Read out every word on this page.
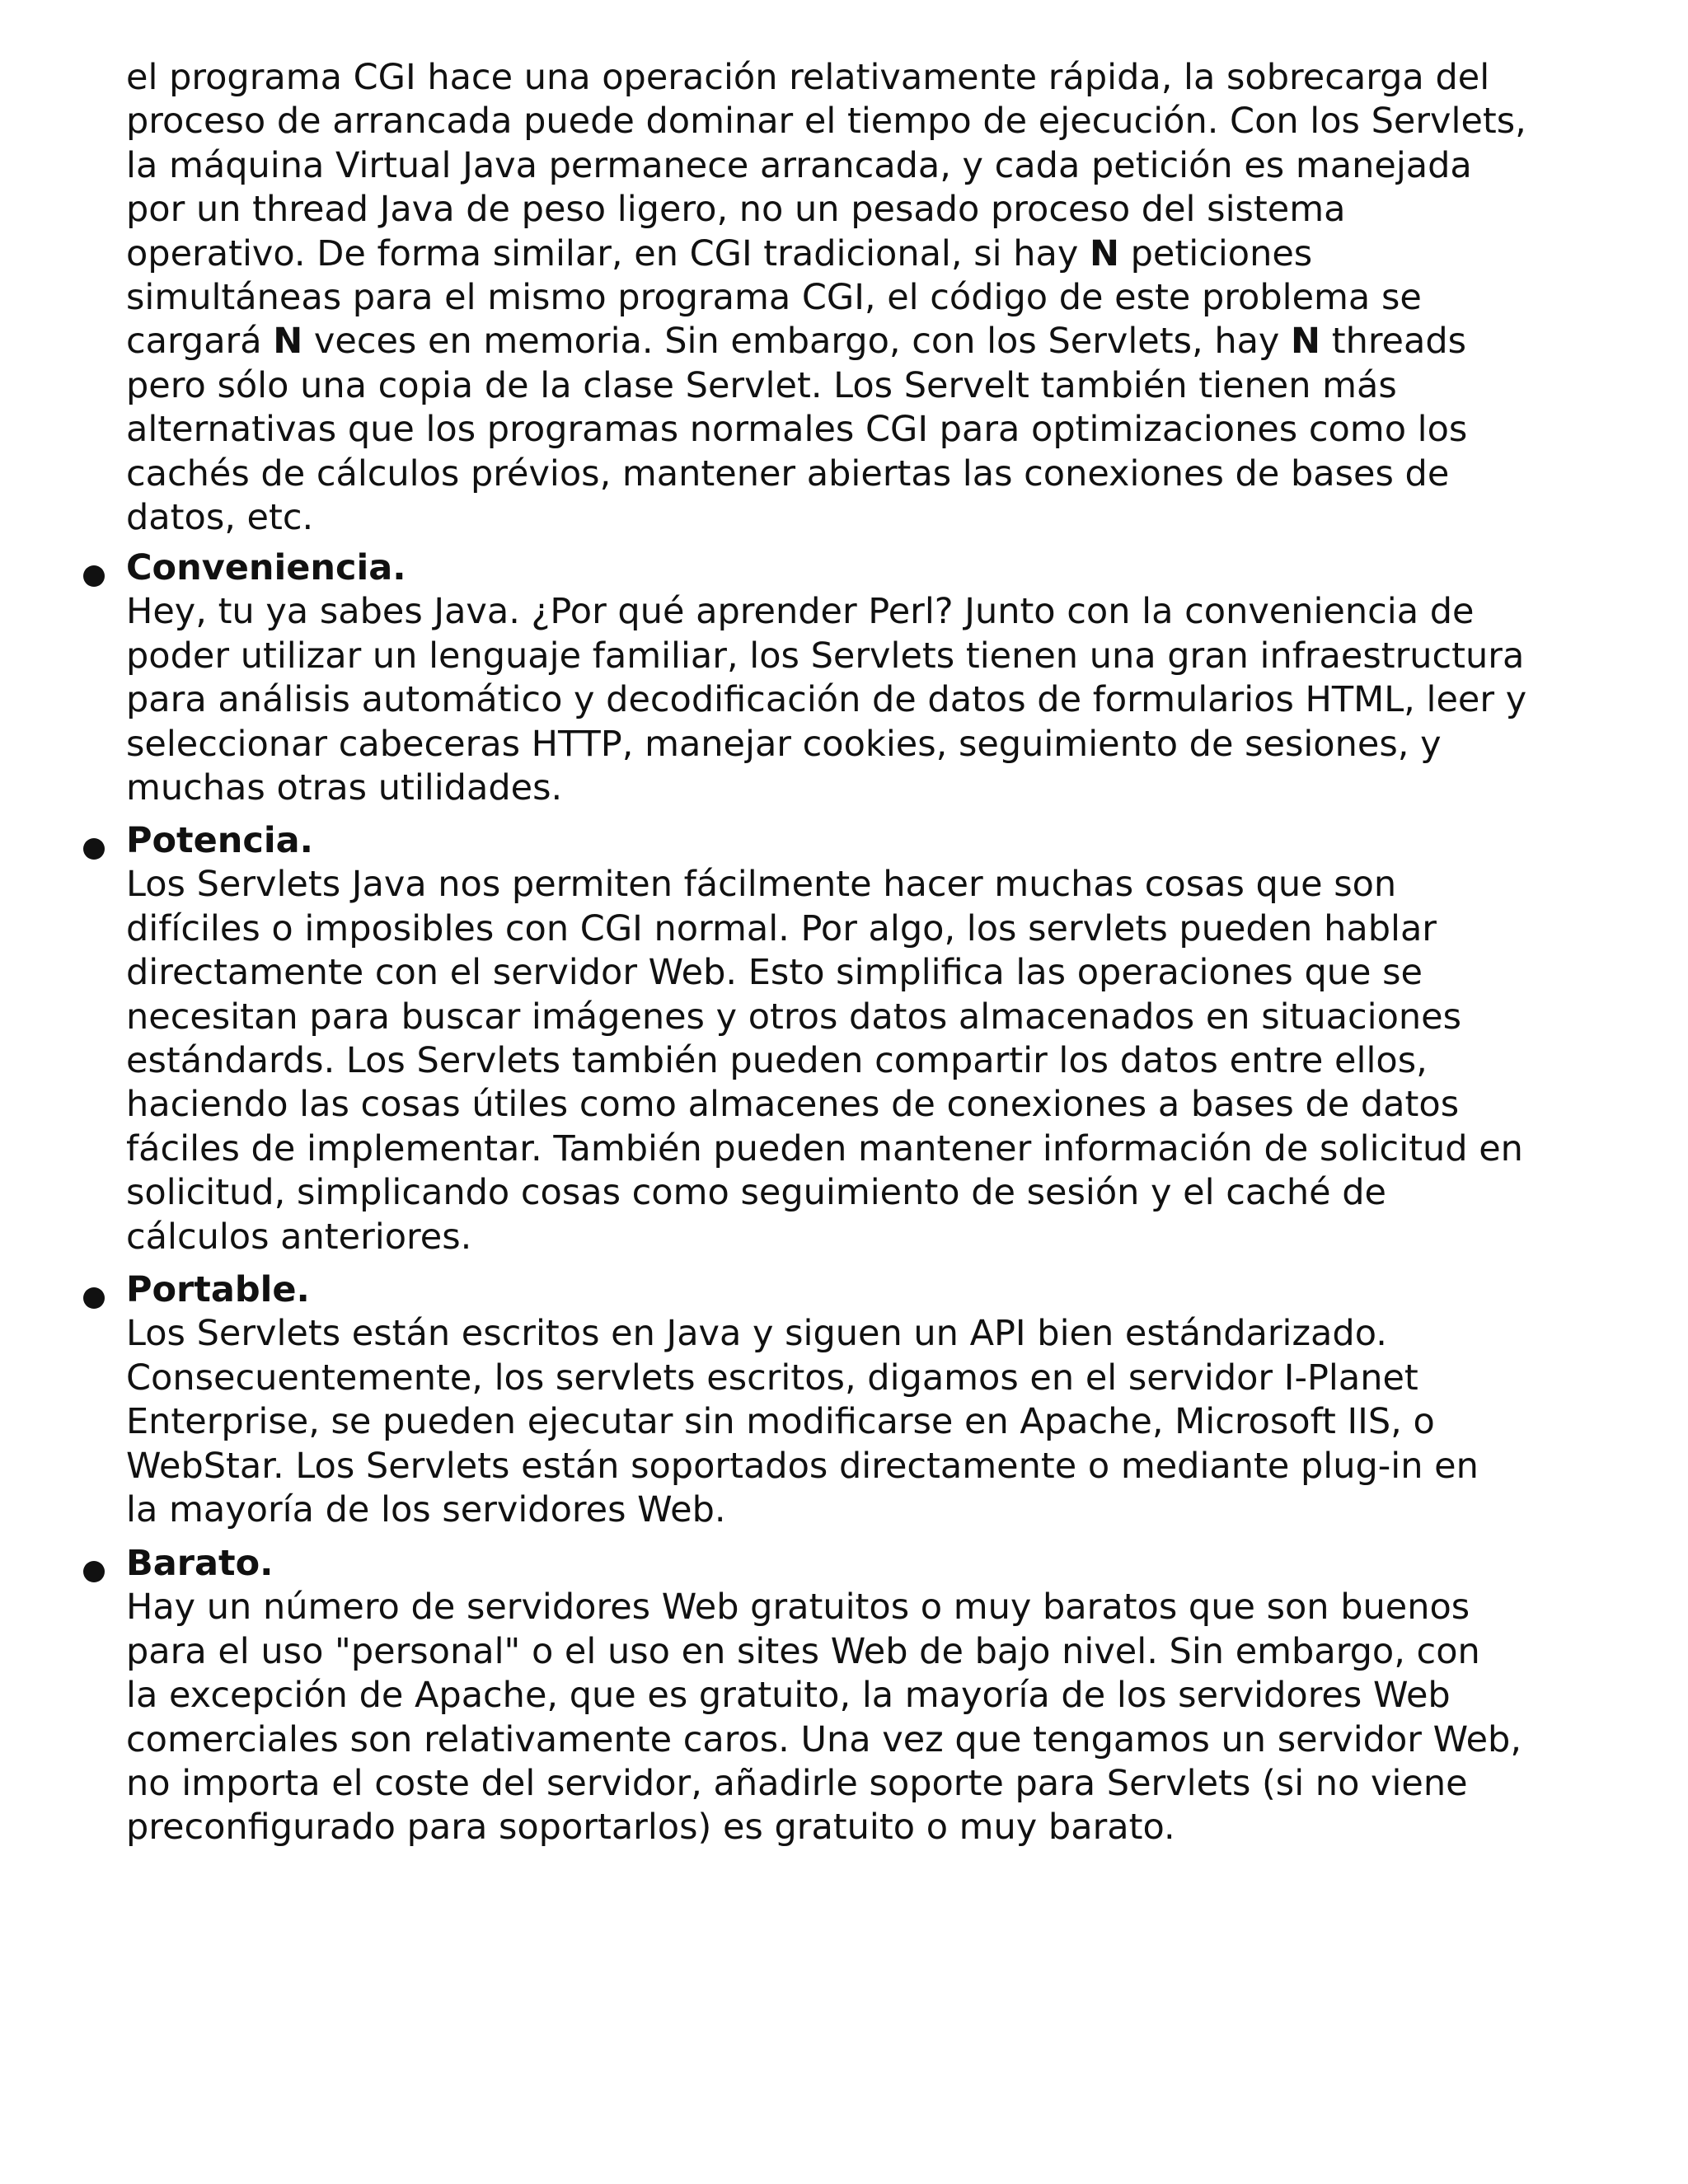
el programa CGI hace una operación relativamente rápida, la sobrecarga del
proceso de arrancada puede dominar el tiempo de ejecución. Con los Servlets,
la máquina Virtual Java permanece arrancada, y cada petición es manejada
por un thread Java de peso ligero, no un pesado proceso del sistema
operativo. De forma similar, en CGI tradicional, si hay N peticiones
simultáneas para el mismo programa CGI, el código de este problema se
cargará N veces en memoria. Sin embargo, con los Servlets, hay N threads
pero sólo una copia de la clase Servlet. Los Servelt también tienen más
alternativas que los programas normales CGI para optimizaciones como los
cachés de cálculos prévios, mantener abiertas las conexiones de bases de
datos, etc.
Conveniencia.
Hey, tu ya sabes Java. ¿Por qué aprender Perl? Junto con la conveniencia de
poder utilizar un lenguaje familiar, los Servlets tienen una gran infraestructura
para análisis automático y decodificación de datos de formularios HTML, leer y
seleccionar cabeceras HTTP, manejar cookies, seguimiento de sesiones, y
muchas otras utilidades.
Potencia.
Los Servlets Java nos permiten fácilmente hacer muchas cosas que son
difíciles o imposibles con CGI normal. Por algo, los servlets pueden hablar
directamente con el servidor Web. Esto simplifica las operaciones que se
necesitan para buscar imágenes y otros datos almacenados en situaciones
estándards. Los Servlets también pueden compartir los datos entre ellos,
haciendo las cosas útiles como almacenes de conexiones a bases de datos
fáciles de implementar. También pueden mantener información de solicitud en
solicitud, simplicando cosas como seguimiento de sesión y el caché de
cálculos anteriores.
Portable.
Los Servlets están escritos en Java y siguen un API bien estándarizado.
Consecuentemente, los servlets escritos, digamos en el servidor I-Planet
Enterprise, se pueden ejecutar sin modificarse en Apache, Microsoft IIS, o
WebStar. Los Servlets están soportados directamente o mediante plug-in en
la mayoría de los servidores Web.
Barato.
Hay un número de servidores Web gratuitos o muy baratos que son buenos
para el uso "personal" o el uso en sites Web de bajo nivel. Sin embargo, con
la excepción de Apache, que es gratuito, la mayoría de los servidores Web
comerciales son relativamente caros. Una vez que tengamos un servidor Web,
no importa el coste del servidor, añadirle soporte para Servlets (si no viene
preconfigurado para soportarlos) es gratuito o muy barato.
